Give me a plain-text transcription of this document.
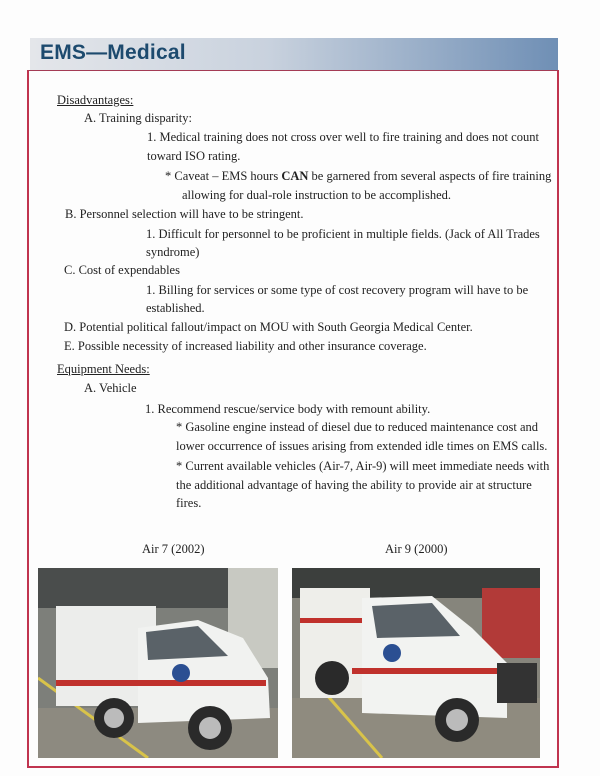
EMS—Medical
Disadvantages:
A. Training disparity:
1. Medical training does not cross over well to fire training and does not count
toward ISO rating.
* Caveat – EMS hours CAN be garnered from several aspects of fire training
allowing for dual-role instruction to be accomplished.
B. Personnel selection will have to be stringent.
1. Difficult for personnel to be proficient in multiple fields. (Jack of All Trades
syndrome)
C. Cost of expendables
1. Billing for services or some type of cost recovery program will have to be
established.
D. Potential political fallout/impact on MOU with South Georgia Medical Center.
E. Possible necessity of increased liability and other insurance coverage.
Equipment Needs:
A. Vehicle
1. Recommend rescue/service body with remount ability.
* Gasoline engine instead of diesel due to reduced maintenance cost and
lower occurrence of issues arising from extended idle times on EMS calls.
* Current available vehicles (Air-7, Air-9) will meet immediate needs with
the additional advantage of having the ability to provide air at structure
fires.
Air 7 (2002)	Air 9 (2000)
